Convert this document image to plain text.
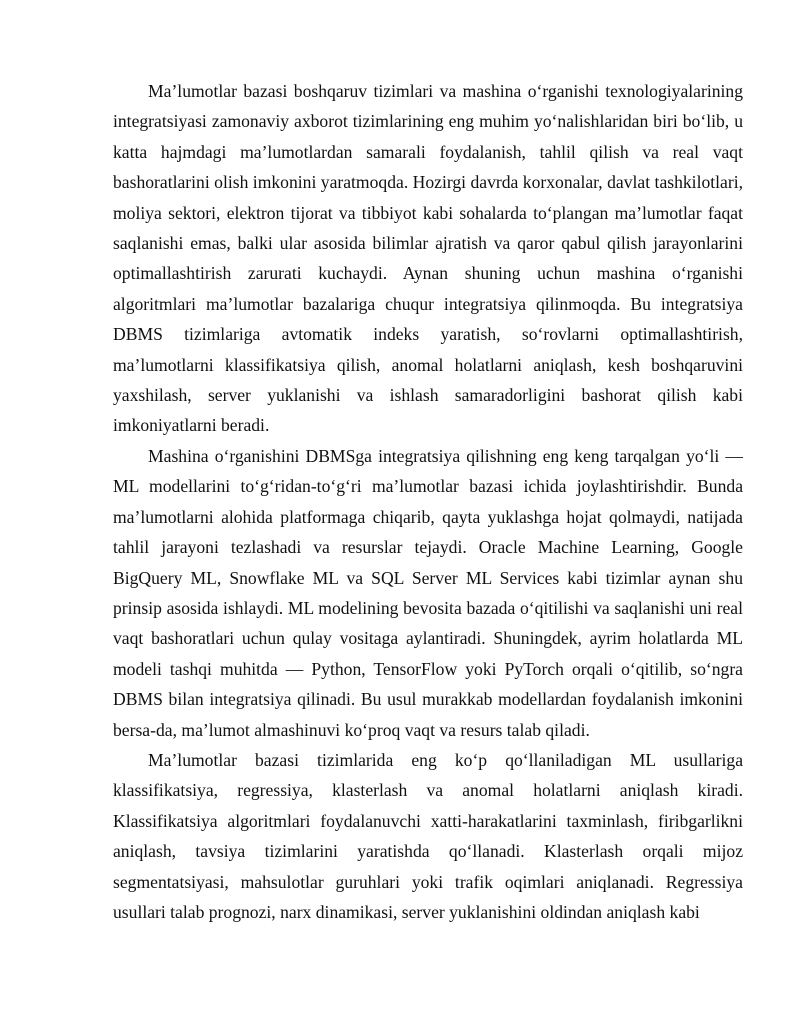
Ma’lumotlar bazasi boshqaruv tizimlari va mashina o‘rganishi texnologiyalarining integratsiyasi zamonaviy axborot tizimlarining eng muhim yo‘nalishlaridan biri bo‘lib, u katta hajmdagi ma’lumotlardan samarali foydalanish, tahlil qilish va real vaqt bashoratlarini olish imkonini yaratmoqda. Hozirgi davrda korxonalar, davlat tashkilotlari, moliya sektori, elektron tijorat va tibbiyot kabi sohalarda to‘plangan ma’lumotlar faqat saqlanishi emas, balki ular asosida bilimlar ajratish va qaror qabul qilish jarayonlarini optimallashtirish zarurati kuchaydi. Aynan shuning uchun mashina o‘rganishi algoritmlari ma’lumotlar bazalariga chuqur integratsiya qilinmoqda. Bu integratsiya DBMS tizimlariga avtomatik indeks yaratish, so‘rovlarni optimallashtirish, ma’lumotlarni klassifikatsiya qilish, anomal holatlarni aniqlash, kesh boshqaruvini yaxshilash, server yuklanishi va ishlash samaradorligini bashorat qilish kabi imkoniyatlarni beradi.

Mashina o‘rganishini DBMSga integratsiya qilishning eng keng tarqalgan yo‘li — ML modellarini to‘g‘ridan-to‘g‘ri ma’lumotlar bazasi ichida joylashtirishdir. Bunda ma’lumotlarni alohida platformaga chiqarib, qayta yuklashga hojat qolmaydi, natijada tahlil jarayoni tezlashadi va resurslar tejaydi. Oracle Machine Learning, Google BigQuery ML, Snowflake ML va SQL Server ML Services kabi tizimlar aynan shu prinsip asosida ishlaydi. ML modelining bevosita bazada o‘qitilishi va saqlanishi uni real vaqt bashoratlari uchun qulay vositaga aylantiradi. Shuningdek, ayrim holatlarda ML modeli tashqi muhitda — Python, TensorFlow yoki PyTorch orqali o‘qitilib, so‘ngra DBMS bilan integratsiya qilinadi. Bu usul murakkab modellardan foydalanish imkonini bersa-da, ma’lumot almashinuvi ko‘proq vaqt va resurs talab qiladi.

Ma’lumotlar bazasi tizimlarida eng ko‘p qo‘llaniladigan ML usullariga klassifikatsiya, regressiya, klasterlash va anomal holatlarni aniqlash kiradi. Klassifikatsiya algoritmlari foydalanuvchi xatti-harakatlarini taxminlash, firibgarlikni aniqlash, tavsiya tizimlarini yaratishda qo‘llanadi. Klasterlash orqali mijoz segmentatsiyasi, mahsulotlar guruhlari yoki trafik oqimlari aniqlanadi. Regressiya usullari talab prognozi, narx dinamikasi, server yuklanishini oldindan aniqlash kabi
